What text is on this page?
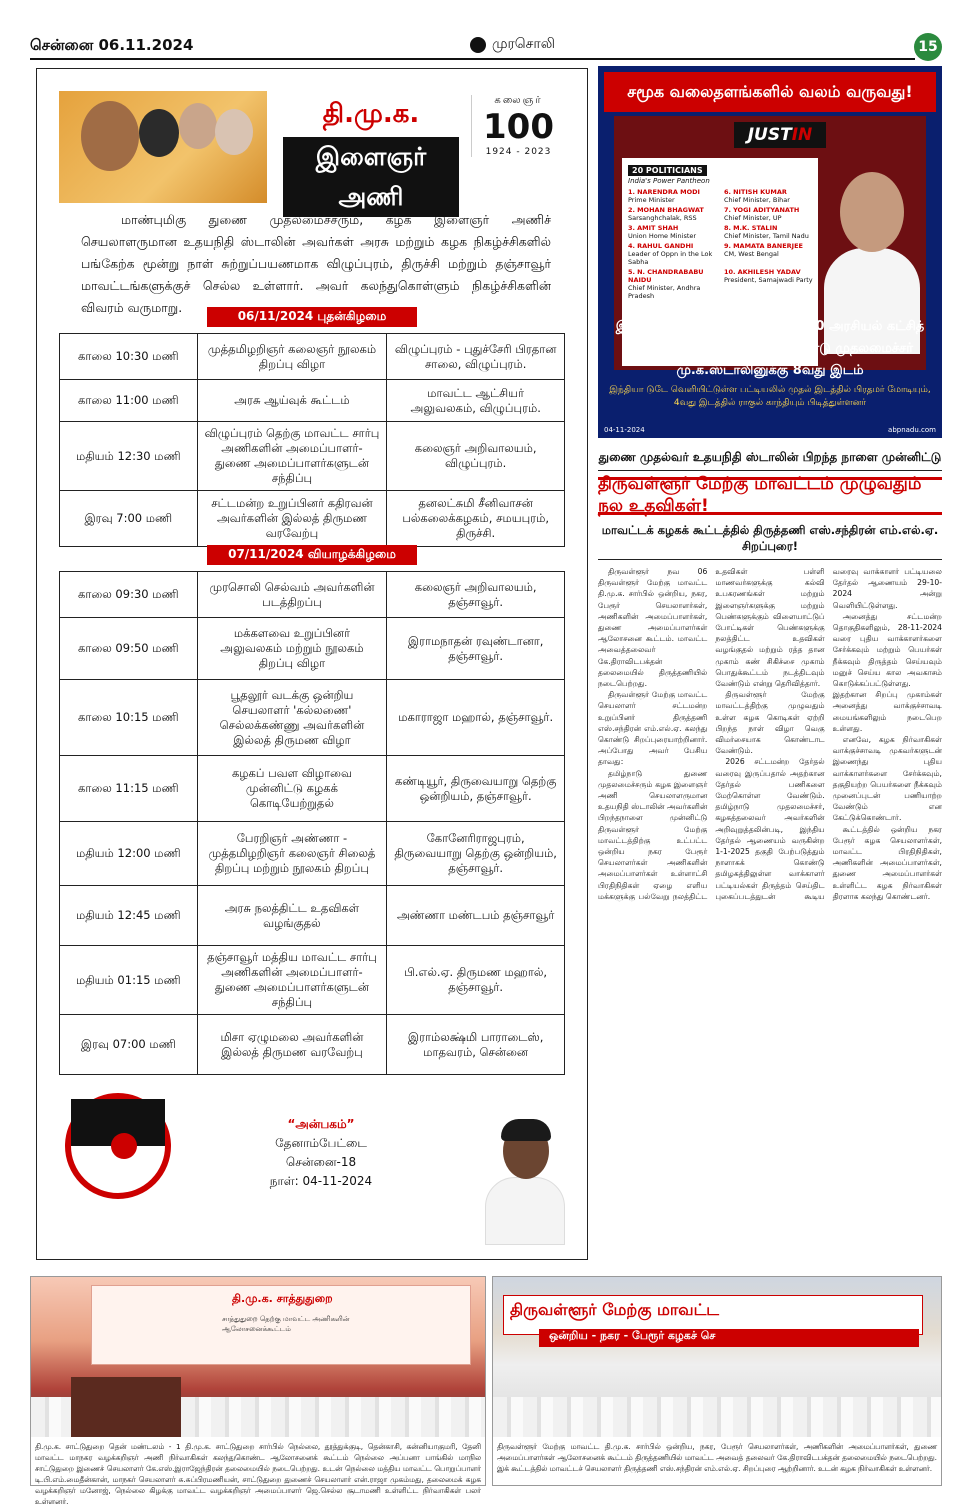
சென்னை 06.11.2024	முரசொலி	15
தி.மு.க.
இளைஞர் அணி
கலைஞர்
100
1924 - 2023

மாண்புமிகு துணை முதலமைச்சரும், கழக இளைஞர் அணிச் செயலாளருமான உதயநிதி ஸ்டாலின் அவர்கள் அரசு மற்றும் கழக நிகழ்ச்சிகளில் பங்கேற்க மூன்று நாள் சுற்றுப்பயணமாக விழுப்புரம், திருச்சி மற்றும் தஞ்சாவூர் மாவட்டங்களுக்குச் செல்ல உள்ளார். அவர் கலந்துகொள்ளும் நிகழ்ச்சிகளின் விவரம் வருமாறு.

06/11/2024 புதன்கிழமை
காலை 10:30 மணி	முத்தமிழறிஞர் கலைஞர் நூலகம் திறப்பு விழா	விழுப்புரம் - புதுச்சேரி பிரதான சாலை, விழுப்புரம்.
காலை 11:00 மணி	அரசு ஆய்வுக் கூட்டம்	மாவட்ட ஆட்சியர் அலுவலகம், விழுப்புரம்.
மதியம் 12:30 மணி	விழுப்புரம் தெற்கு மாவட்ட சார்பு அணிகளின் அமைப்பாளர்-துணை அமைப்பாளர்களுடன் சந்திப்பு	கலைஞர் அறிவாலயம், விழுப்புரம்.
இரவு 7:00 மணி	சட்டமன்ற உறுப்பினர் கதிரவன் அவர்களின் இல்லத் திருமண வரவேற்பு	தனலட்சுமி சீனிவாசன் பல்கலைக்கழகம், சமயபுரம், திருச்சி.
07/11/2024 வியாழக்கிழமை
காலை 09:30 மணி	முரசொலி செல்வம் அவர்களின் படத்திறப்பு	கலைஞர் அறிவாலயம், தஞ்சாவூர்.
காலை 09:50 மணி	மக்களவை உறுப்பினர் அலுவலகம் மற்றும் நூலகம் திறப்பு விழா	இராமநாதன் ரவுண்டானா, தஞ்சாவூர்.
காலை 10:15 மணி	பூதலூர் வடக்கு ஒன்றிய செயலாளர் 'கல்லணை' செல்லக்கண்ணு அவர்களின் இல்லத் திருமண விழா	மகாராஜா மஹால், தஞ்சாவூர்.
காலை 11:15 மணி	கழகப் பவள விழாவை முன்னிட்டு கழகக் கொடியேற்றுதல்	கண்டியூர், திருவையாறு தெற்கு ஒன்றியம், தஞ்சாவூர்.
மதியம் 12:00 மணி	பேரறிஞர் அண்ணா - முத்தமிழறிஞர் கலைஞர் சிலைத் திறப்பு மற்றும் நூலகம் திறப்பு	கோனேரிராஜபுரம், திருவையாறு தெற்கு ஒன்றியம், தஞ்சாவூர்.
மதியம் 12:45 மணி	அரசு நலத்திட்ட உதவிகள் வழங்குதல்	அண்ணா மண்டபம் தஞ்சாவூர்
மதியம் 01:15 மணி	தஞ்சாவூர் மத்திய மாவட்ட சார்பு அணிகளின் அமைப்பாளர்-துணை அமைப்பாளர்களுடன் சந்திப்பு	பி.எல்.ஏ. திருமண மஹால், தஞ்சாவூர்.
இரவு 07:00 மணி	மிசா ஏழுமலை அவர்களின் இல்லத் திருமண வரவேற்பு	இராம்லக்ஷ்மி பாராடைஸ், மாதவரம், சென்னை
“அன்பகம்”
தேனாம்பேட்டை
சென்னை-18
நாள்: 04-11-2024
சமூக வலைதளங்களில் வலம் வருவது!
JUST IN
20 POLITICIANS
India's Power Pantheon
1. NARENDRA MODI
Prime Minister
6. NITISH KUMAR
Chief Minister, Bihar
2. MOHAN BHAGWAT
Sarsanghchalak, RSS
7. YOGI ADITYANATH
Chief Minister, UP
3. AMIT SHAH
Union Home Minister
8. M.K. STALIN
Chief Minister, Tamil Nadu
4. RAHUL GANDHI
Leader of Oppn in the Lok Sabha
9. MAMATA BANERJEE
CM, West Bengal
5. N. CHANDRABABU NAIDU
Chief Minister, Andhra Pradesh
10. AKHILESH YADAV
President, Samajwadi Party
இந்தியாவின் சக்திவாய்ந்த டாப் 10 அரசியல் கட்சித் தலைவர்கள் பட்டியலில் தமிழ்நாடு முதலமைச்சர் மு.க.ஸ்டாலினுக்கு 8வது இடம்
இந்தியா டுடே வெளியிட்டுள்ள பட்டியலில் முதல் இடத்தில் பிரதமர் மோடியும், 4வது இடத்தில் ராகுல் காந்தியும் பிடித்துள்ளனர்
04-11-2024	abpnadu.com
துணை முதல்வர் உதயநிதி ஸ்டாலின் பிறந்த நாளை முன்னிட்டு
திருவள்ளூர் மேற்கு மாவட்டம் முழுவதும் நல உதவிகள்!
மாவட்டக் கழகக் கூட்டத்தில் திருத்தணி எஸ்.சந்திரன் எம்.எல்.ஏ. சிறப்புரை!

திருவள்ளூர் நவ 06 திருவள்ளூர் மேற்கு மாவட்ட தி.மு.க. சார்பில் ஒன்றிய, நகர, பேரூர் செயலாளர்கள், அணிகளின் அமைப்பாளர்கள், துணை அமைப்பாளர்கள் ஆலோசனை கூட்டம். மாவட்ட அவைத்தலைவர் கே.திராவிடபக்தன் தலைமையில் திருத்தணியில் நடைபெற்றது.

திருவள்ளூர் மேற்கு மாவட்ட செயலாளர் சட்டமன்ற உறுப்பினர் திருத்தணி எஸ்.சந்திரன் எம்.எல்.ஏ. கலந்து கொண்டு சிறப்புரையாற்றினார். அப்போது அவர் பேசிய தாவது:

தமிழ்நாடு துணை முதலமைச்சரும் கழக இளைஞர் அணி செயலாளருமான உதயநிதி ஸ்டாலின் அவர்களின் பிறந்தநாளை முன்னிட்டு திருவள்ளூர் மேற்கு மாவட்டத்திற்கு உட்பட்ட ஒன்றிய நகர பேரூர் செயலாளர்கள் அணிகளின் அமைப்பாளர்கள் உள்ளாட்சி பிரதிநிதிகள் ஏழை எளிய மக்களுக்கு பல்வேறு நலத்திட்ட உதவிகள் பள்ளி மாணவர்களுக்கு கல்வி உபகரணங்கள் மற்றும் இளைஞர்களுக்கு மற்றும் பெண்களுக்கும் விளையாட்டுப் போட்டிகள் பெண்களுக்கு நலத்திட்ட உதவிகள் வழங்குதல் மற்றும் ரத்த தான முகாம் கண் சிகிச்சை முகாம் பொதுக்கூட்டம் நடத்திடவும் வேண்டும் என்று தெரிவித்தார்.

திருவள்ளூர் மேற்கு மாவட்டத்திற்கு முழுவதும் உள்ள கழக கொடிகள் ஏற்றி பிறந்த நாள் விழா வெகு விமர்சையாக கொண்டாட வேண்டும்.

2026 சட்டமன்ற தேர்தல் வரைவு இருப்பதால் அதற்கான தேர்தல் பணிகளை மேற்கொள்ள வேண்டும். தமிழ்நாடு முதலமைச்சர், கழகத்தலைவர் அவர்களின் அறிவுறுத்தலின்படி, இந்திய தேர்தல் ஆணையம் வருகின்ற 1-1-2025 தகுதி பேற்படுத்தும் நாளாகக் கொண்டு தமிழகத்திலுள்ள வாக்காளர் பட்டியல்கள் திருத்தம் செய்திட புகைப்படத்துடன் கூடிய வரைவு வாக்காளர் பட்டியலை தேர்தல் ஆணையம் 29-10-2024 அன்று வெளியிட்டுள்ளது.

அனைத்து சட்டமன்ற தொகுதிகளிலும், 28-11-2024 வரை புதிய வாக்காளர்களை சேர்க்கவும் மற்றும் பெயர்கள் நீக்கவும் திருத்தம் செய்யவும் மனுச் செய்ய கால அவகாசம் கொடுக்கப்பட்டுள்ளது. இதற்கான சிறப்பு முகாம்கள் அனைத்து வாக்குச்சாவடி மையங்களிலும் நடைபெற உள்ளது.

எனவே, கழக நிர்வாகிகள் வாக்குச்சாவடி முகவர்களுடன் இணைந்து புதிய வாக்காளர்களை சேர்க்கவும், தகுதியற்ற பெயர்களை நீக்கவும் முனைப்புடன் பணியாற்ற வேண்டும் என கேட்டுக்கொண்டார்.

கூட்டத்தில் ஒன்றிய நகர பேரூர் கழக செயலாளர்கள், மாவட்ட பிரதிநிதிகள், அணிகளின் அமைப்பாளர்கள், துணை அமைப்பாளர்கள் உள்ளிட்ட கழக நிர்வாகிகள் திரளாக கலந்து கொண்டனர்.

தி.மு.க. சாத்துதுறை
சாத்துதுறை தெற்கு மாவட்ட அணிகளின் ஆலோசனைக்கூட்டம்
தி.மு.க. சாட்டுதுறை தென் மண்டலம் - 1 தி.மு.க. சாட்டுதுறை சார்பில் நெல்லை, தூத்துக்குடி, தென்காசி, கன்னியாகுமரி, தேனி மாவட்ட மாநகர வழக்கறிஞர் அணி நிர்வாகிகள் கலந்துகொண்ட ஆலோசனைக் கூட்டம் நெல்லை அப்பனா பாங்கில் மாநில சாட்டுதுறை இணைச் செயலாளர் கே.எஸ்.இராஜேந்திரன் தலைமையில் நடைபெற்றது. உடன் நெல்லை மத்திய மாவட்ட பொறுப்பாளர் டி.பி.எம்.மைதீன்கான், மாநகர் செயலாளர் சு.சுப்பிரமணியன், சாட்டுதுறை துணைச் செயலாளர் என்.ராஜா முகம்மது, தலைமைக் கழக வழக்கறிஞர் மனோஜ், நெல்லை கிழக்கு மாவட்ட வழக்கறிஞர் அமைப்பாளர் ஜெ.செல்ல சூடாமணி உள்ளிட்ட நிர்வாகிகள் பலர் உள்ளனர்.
திருவள்ளூர் மேற்கு மாவட்ட
ஒன்றிய - நகர - பேரூர் கழகச் செ
திருவள்ளூர் மேற்கு மாவட்ட தி.மு.க. சார்பில் ஒன்றிய, நகர, பேரூர் செயலாளர்கள், அணிகளின் அமைப்பாளர்கள், துணை அமைப்பாளர்கள் ஆலோசனைக் கூட்டம் திருத்தணியில் மாவட்ட அவைத் தலைவர் கே.திராவிடபக்தன் தலைமையில் நடைபெற்றது. இக் கூட்டத்தில் மாவட்டச் செயலாளர் திருத்தணி எஸ்.சந்திரன் எம்.எல்.ஏ. சிறப்புரை ஆற்றினார். உடன் கழக நிர்வாகிகள் உள்ளனர்.
